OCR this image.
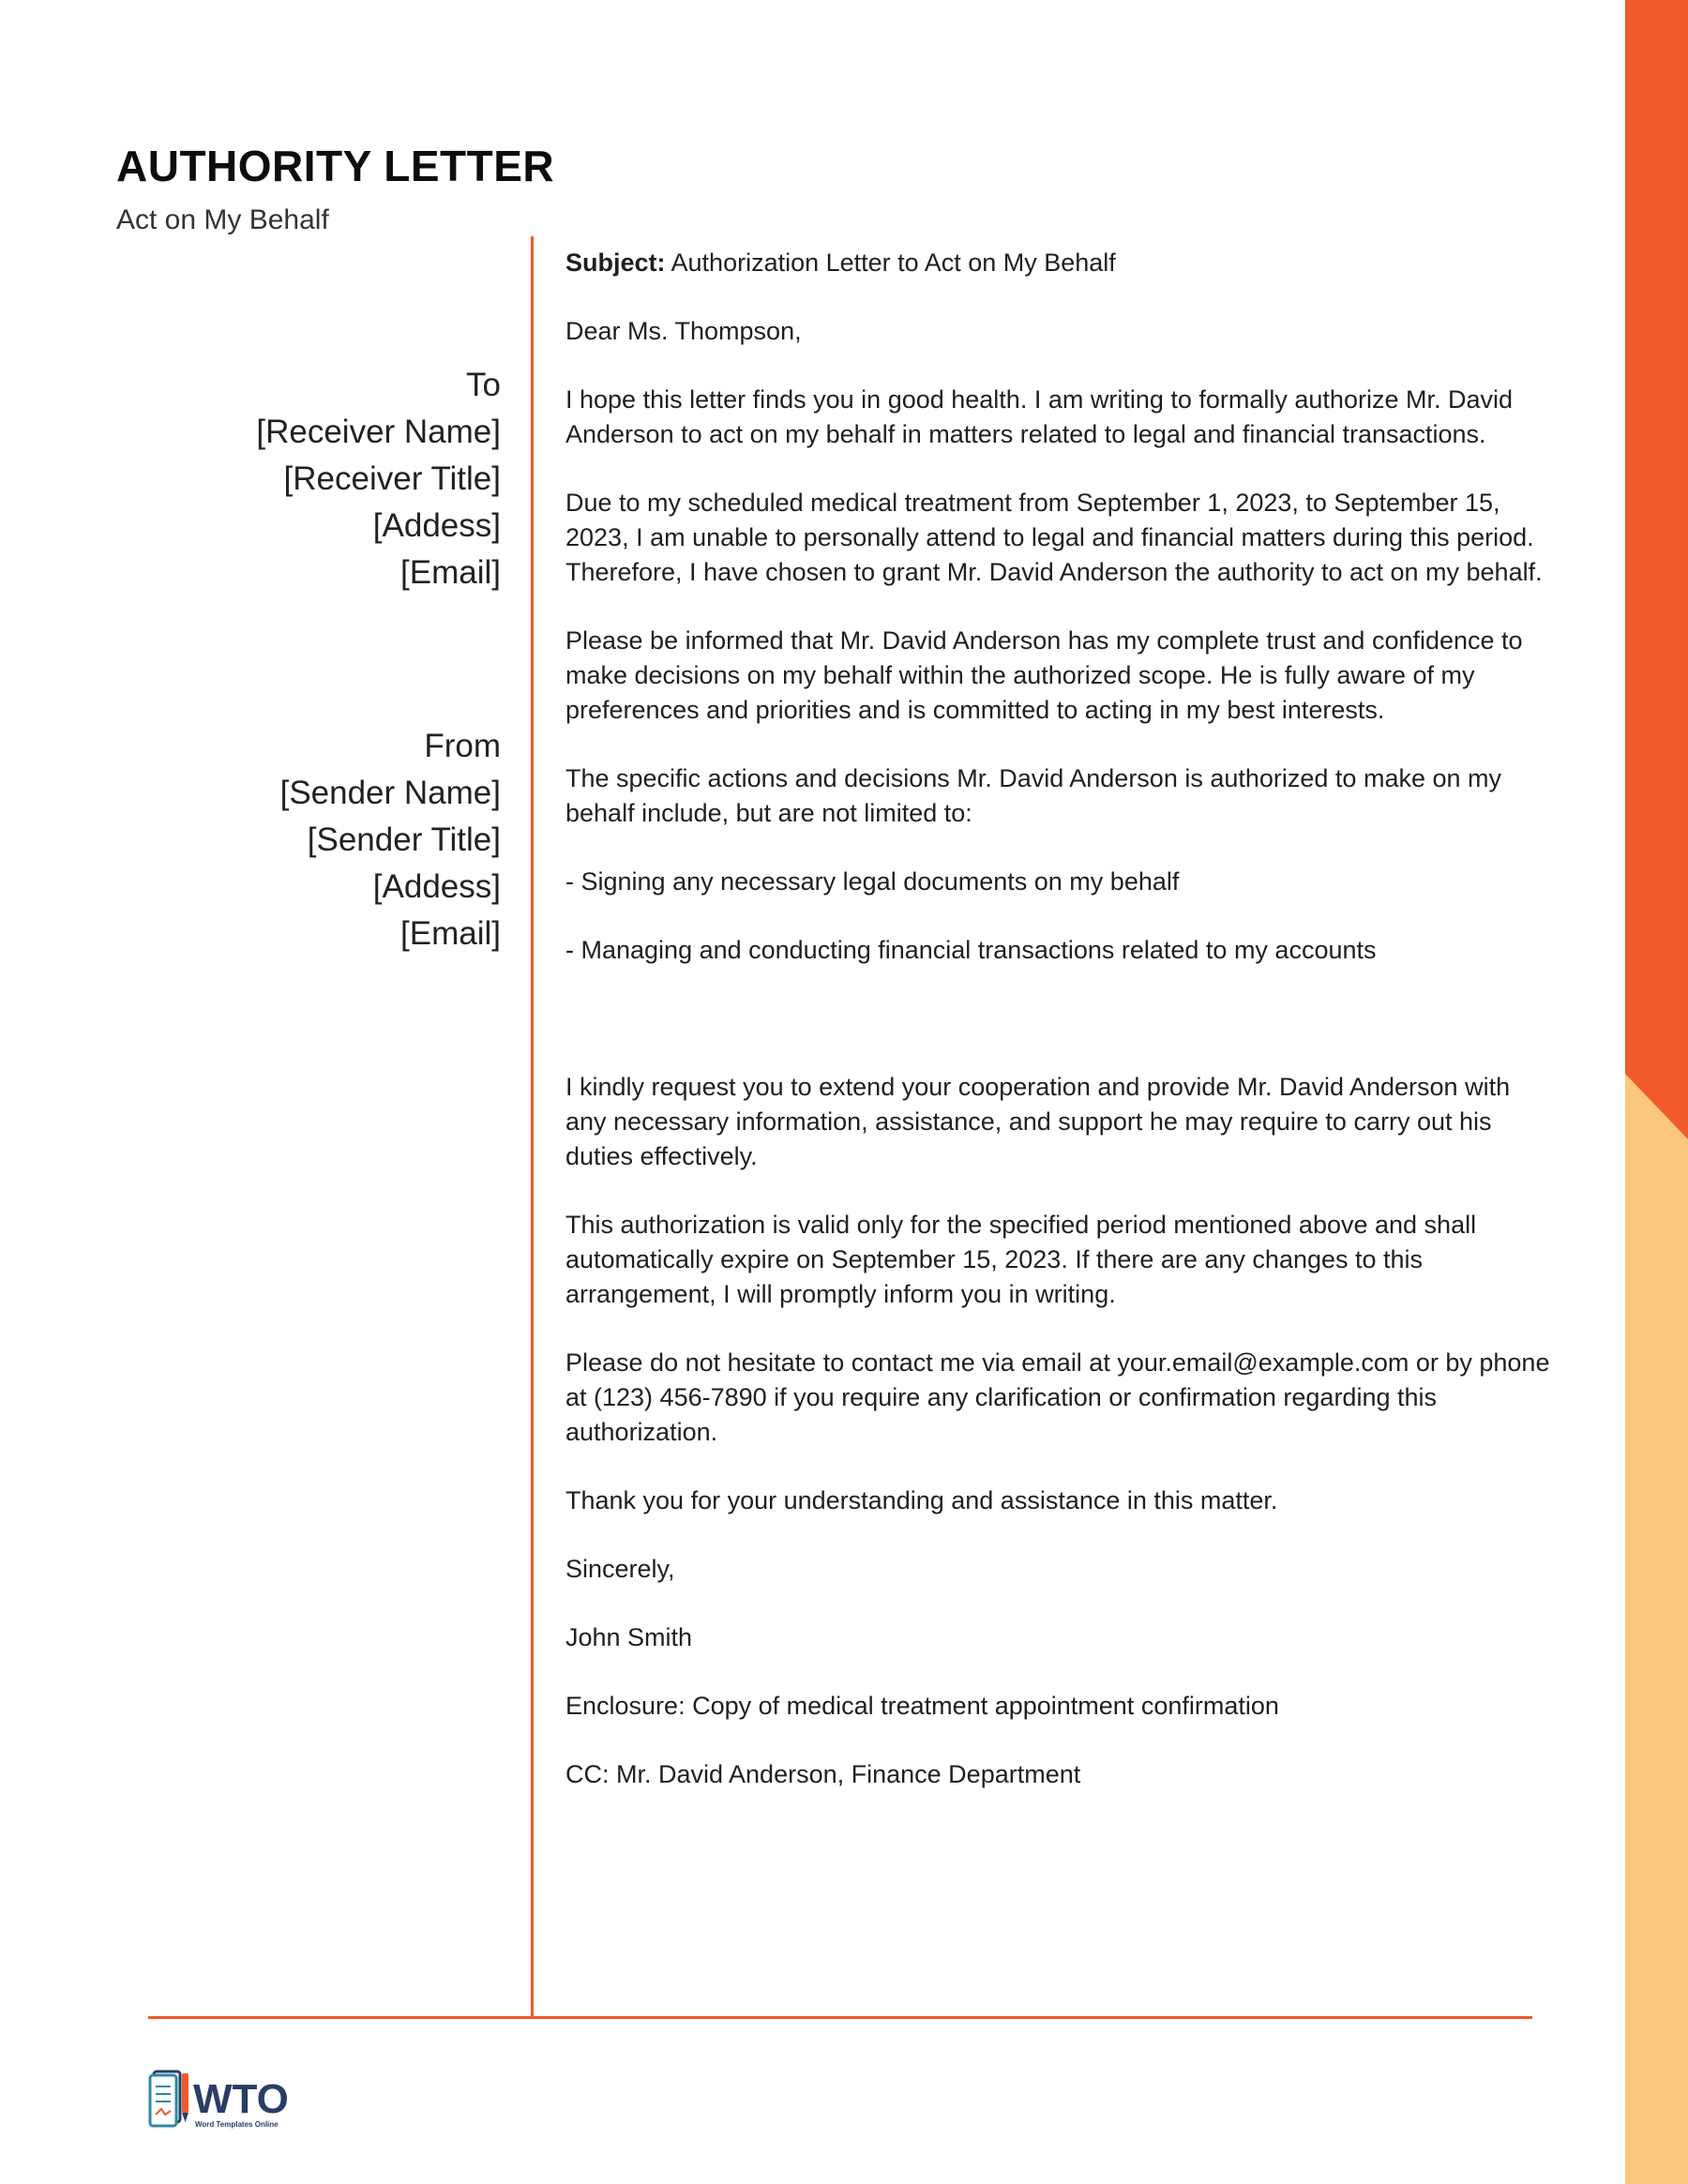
AUTHORITY LETTER
Act on My Behalf
To
[Receiver Name]
[Receiver Title]
[Addess]
[Email]
From
[Sender Name]
[Sender Title]
[Addess]
[Email]

Subject: Authorization Letter to Act on My Behalf

Dear Ms. Thompson,

I hope this letter finds you in good health. I am writing to formally authorize Mr. David Anderson to act on my behalf in matters related to legal and financial transactions.

Due to my scheduled medical treatment from September 1, 2023, to September 15, 2023, I am unable to personally attend to legal and financial matters during this period. Therefore, I have chosen to grant Mr. David Anderson the authority to act on my behalf.

Please be informed that Mr. David Anderson has my complete trust and confidence to make decisions on my behalf within the authorized scope. He is fully aware of my preferences and priorities and is committed to acting in my best interests.

The specific actions and decisions Mr. David Anderson is authorized to make on my behalf include, but are not limited to:

- Signing any necessary legal documents on my behalf

- Managing and conducting financial transactions related to my accounts

I kindly request you to extend your cooperation and provide Mr. David Anderson with any necessary information, assistance, and support he may require to carry out his duties effectively.

This authorization is valid only for the specified period mentioned above and shall automatically expire on September 15, 2023. If there are any changes to this arrangement, I will promptly inform you in writing.

Please do not hesitate to contact me via email at your.email@example.com or by phone at (123) 456-7890 if you require any clarification or confirmation regarding this authorization.

Thank you for your understanding and assistance in this matter.

Sincerely,

John Smith

Enclosure: Copy of medical treatment appointment confirmation

CC: Mr. David Anderson, Finance Department

WTO
Word Templates Online
